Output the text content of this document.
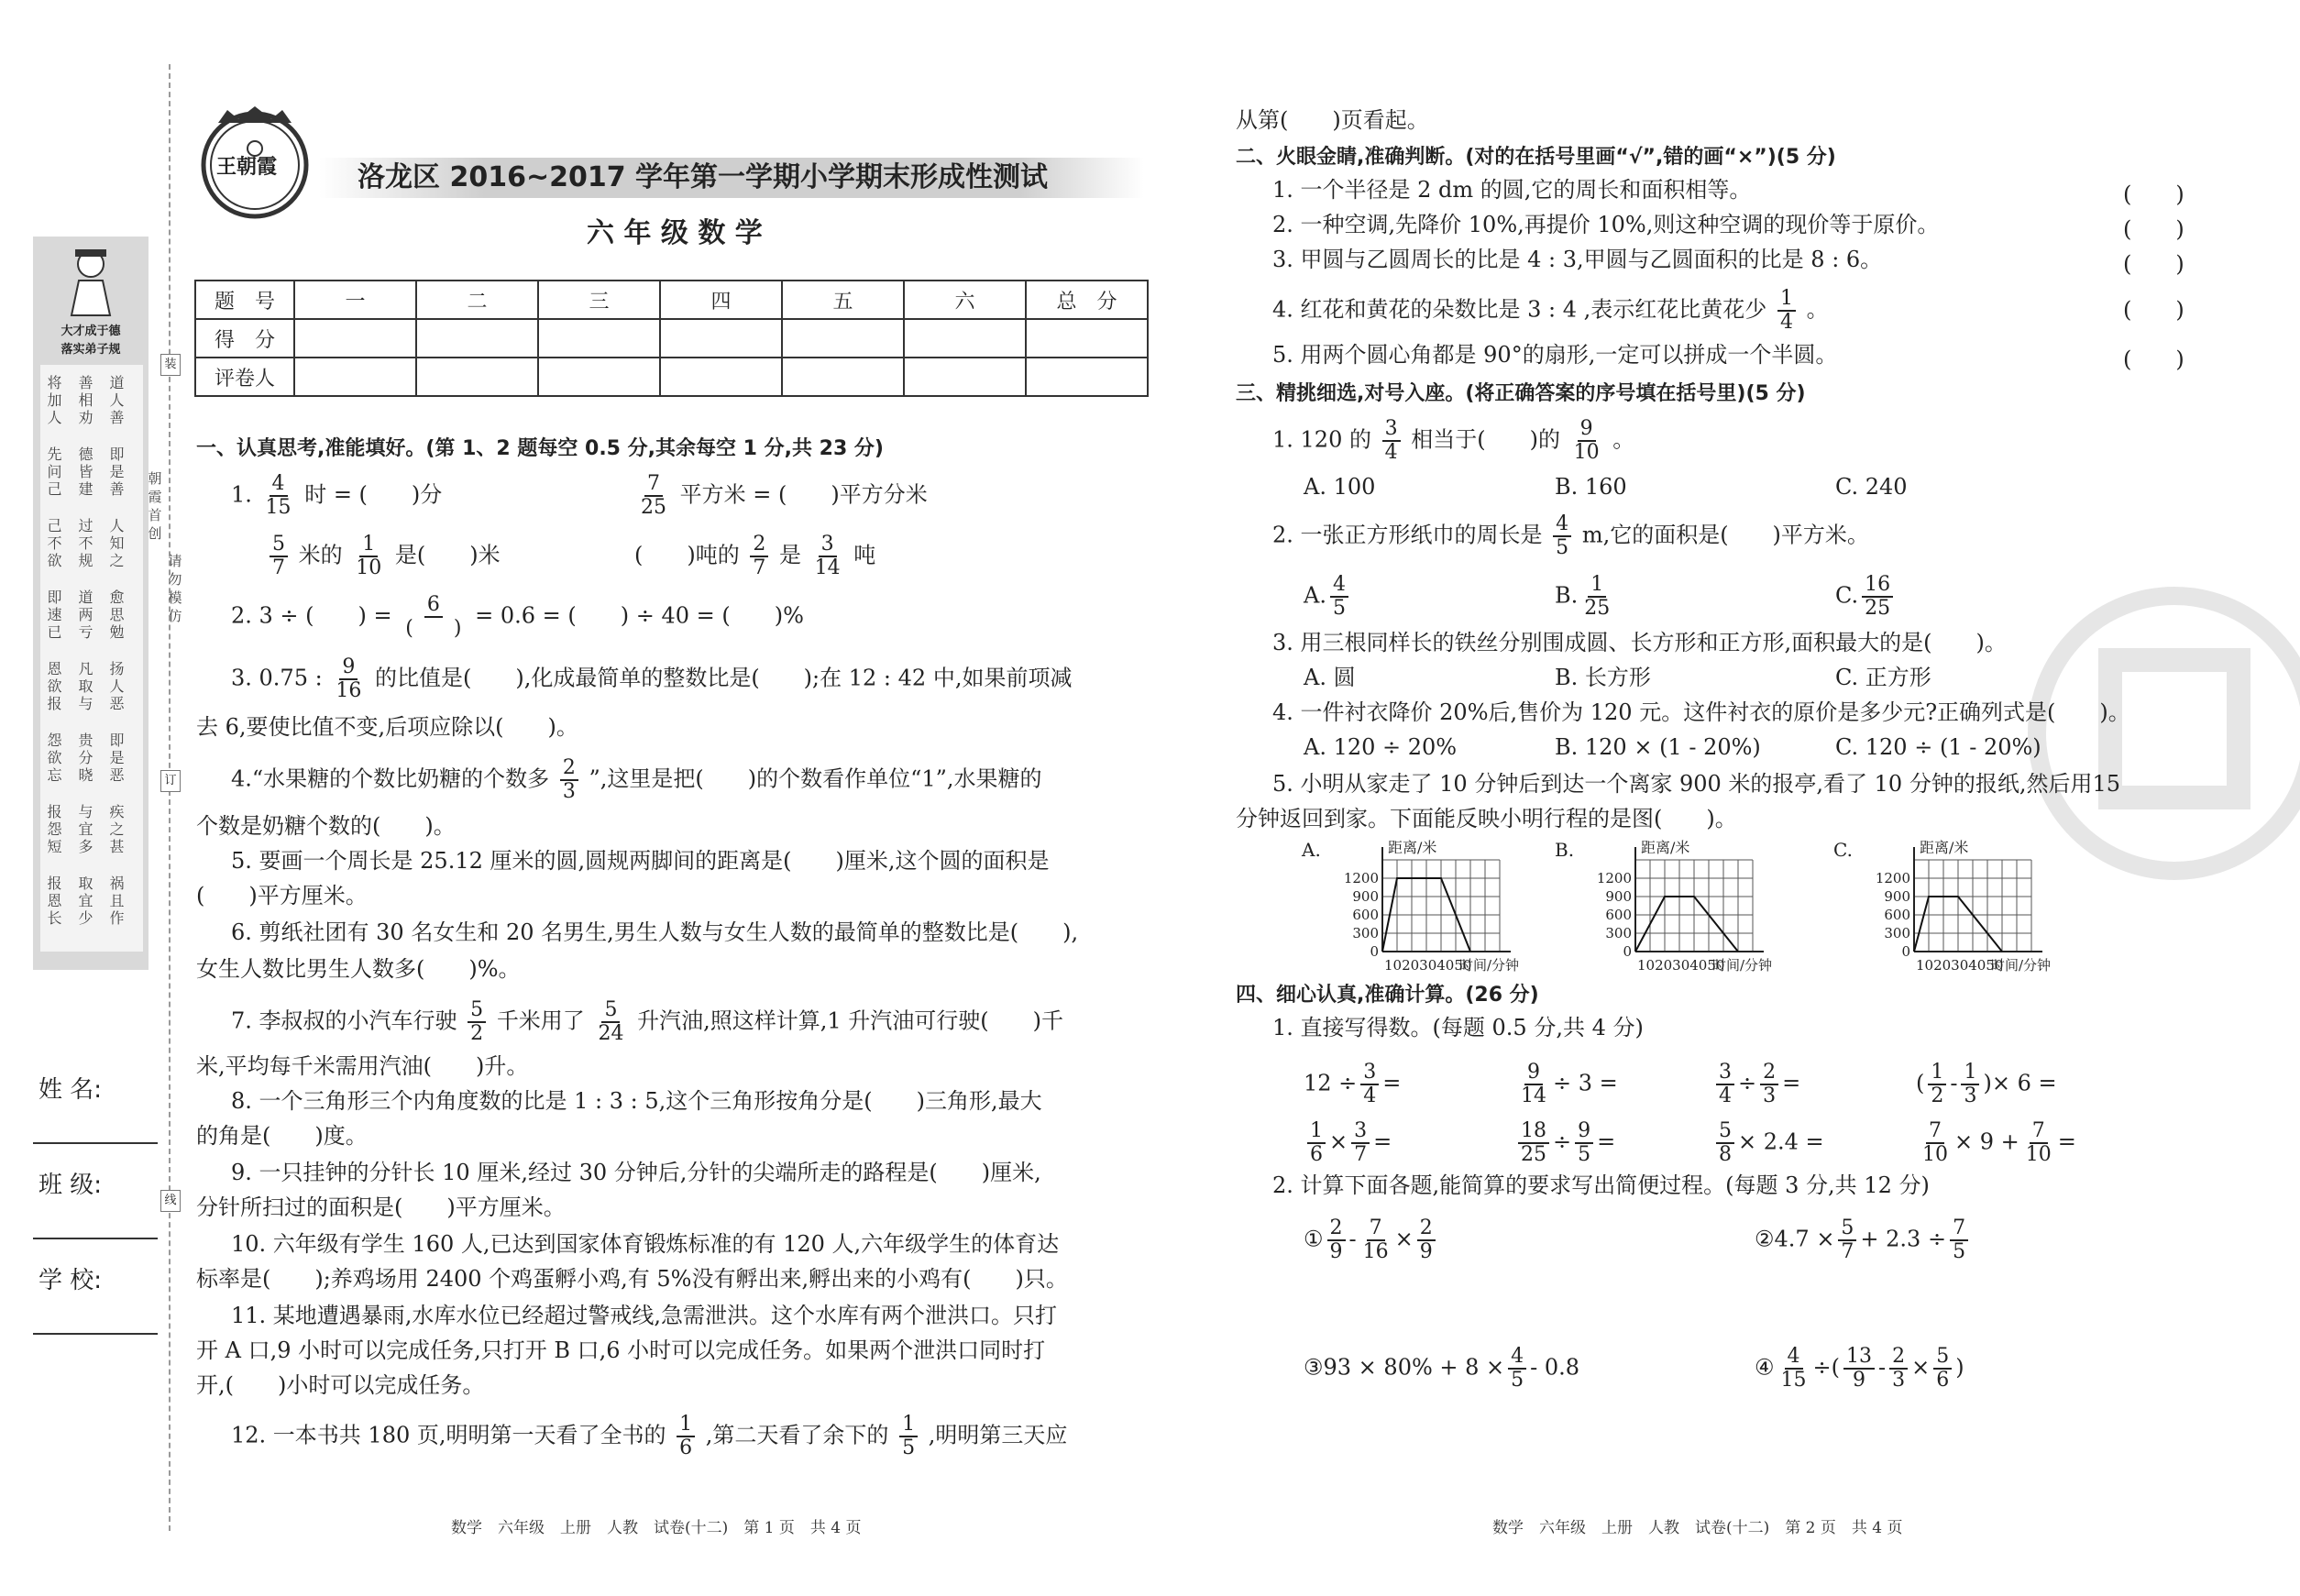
王朝霞	洛龙区 2016~2017 学年第一学期小学期末形成性测试
六 年 级 数 学
大才成于德
落实弟子规
将
加
人
善
相
劝
道
人
善
先
问
己
德
皆
建
即
是
善
己
不
欲
过
不
规
人
知
之
即
速
已
道
两
亏
愈
思
勉
恩
欲
报
凡
取
与
扬
人
恶
怨
欲
忘
贵
分
晓
即
是
恶
报
怨
短
与
宜
多
疾
之
甚
报
恩
长
取
宜
少
祸
且
作
装
订
线
朝
霞
首
创
请
勿
模
仿
姓 名:
班 级:
学 校:
题　号	一	二	三	四	五	六	总　分
得　分							
评卷人							
一、认真思考,准能填好。(第 1、2 题每空 0.5 分,其余每空 1 分,共 23 分)
1. $\frac{4}{15}$ 时 = (　　)分	$\frac{7}{25}$ 平方米 = (　　)平方分米
$\frac{5}{7}$ 米的 $\frac{1}{10}$ 是(　　)米	(　　)吨的 $\frac{2}{7}$ 是 $\frac{3}{14}$ 吨
2. 3 ÷ (　　) = $\frac{6}{( )} = 0.6$ = (　　) ÷ 40 = (　　)%
3. 0.75 : $\frac{9}{16}$ 的比值是(　　),化成最简单的整数比是(　　);在 12 : 42 中,如果前项减
去 6,要使比值不变,后项应除以(　　)。
4.“水果糖的个数比奶糖的个数多 $\frac{2}{3}$ ”,这里是把(　　)的个数看作单位“1”,水果糖的
个数是奶糖个数的(　　)。
5. 要画一个周长是 25.12 厘米的圆,圆规两脚间的距离是(　　)厘米,这个圆的面积是
(　　)平方厘米。
6. 剪纸社团有 30 名女生和 20 名男生,男生人数与女生人数的最简单的整数比是(　　),
女生人数比男生人数多(　　)%。
7. 李叔叔的小汽车行驶 $\frac{5}{2}$ 千米用了 $\frac{5}{24}$ 升汽油,照这样计算,1 升汽油可行驶(　　)千
米,平均每千米需用汽油(　　)升。
8. 一个三角形三个内角度数的比是 1 : 3 : 5,这个三角形按角分是(　　)三角形,最大
的角是(　　)度。
9. 一只挂钟的分针长 10 厘米,经过 30 分钟后,分针的尖端所走的路程是(　　)厘米,
分针所扫过的面积是(　　)平方厘米。
10. 六年级有学生 160 人,已达到国家体育锻炼标准的有 120 人,六年级学生的体育达
标率是(　　);养鸡场用 2400 个鸡蛋孵小鸡,有 5%没有孵出来,孵出来的小鸡有(　　)只。
11. 某地遭遇暴雨,水库水位已经超过警戒线,急需泄洪。这个水库有两个泄洪口。只打
开 A 口,9 小时可以完成任务,只打开 B 口,6 小时可以完成任务。如果两个泄洪口同时打
开,(　　)小时可以完成任务。
12. 一本书共 180 页,明明第一天看了全书的 $\frac{1}{6}$ ,第二天看了余下的 $\frac{1}{5}$ ,明明第三天应
数学　六年级　上册　人教　试卷(十二)　第 1 页　共 4 页
从第(　　)页看起。
二、火眼金睛,准确判断。(对的在括号里画“√”,错的画“×”)(5 分)
1. 一个半径是 2 dm 的圆,它的周长和面积相等。	(　　)
2. 一种空调,先降价 10%,再提价 10%,则这种空调的现价等于原价。	(　　)
3. 甲圆与乙圆周长的比是 4 : 3,甲圆与乙圆面积的比是 8 : 6。	(　　)
4. 红花和黄花的朵数比是 3 : 4 ,表示红花比黄花少 $\frac{1}{4}$ 。	(　　)
5. 用两个圆心角都是 90°的扇形,一定可以拼成一个半圆。	(　　)
三、精挑细选,对号入座。(将正确答案的序号填在括号里)(5 分)
1. 120 的 $\frac{3}{4}$ 相当于(　　)的 $\frac{9}{10}$ 。
A. 100	B. 160	C. 240
2. 一张正方形纸巾的周长是 $\frac{4}{5} m$,它的面积是(　　)平方米。
A. $\frac{4}{5}$	B. $\frac{1}{25}$	C. $\frac{16}{25}$
3. 用三根同样长的铁丝分别围成圆、长方形和正方形,面积最大的是(　　)。
A. 圆	B. 长方形	C. 正方形
4. 一件衬衣降价 20%后,售价为 120 元。这件衬衣的原价是多少元?正确列式是(　　)。
A. 120 ÷ 20%	B. 120 × (1 - 20%)	C. 120 ÷ (1 - 20%)
5. 小明从家走了 10 分钟后到达一个离家 900 米的报亭,看了 10 分钟的报纸,然后用15
分钟返回到家。下面能反映小明行程的是图(　　)。
A.	距离/米
0
300
600
900
1200
1020304050
时间/分钟
B.	距离/米
0
300
600
900
1200
1020304050
时间/分钟
C.	距离/米
0
300
600
900
1200
1020304050
时间/分钟
四、细心认真,准确计算。(26 分)
1. 直接写得数。(每题 0.5 分,共 4 分)
$12 \div \frac{3}{4}$ =	$\frac{9}{14} \div 3$ =	$\frac{3}{4} \div \frac{2}{3}$ =	( $\frac{1}{2} - \frac{1}{3}$ )× 6 =
$\frac{1}{6} \times \frac{3}{7}$ =	$\frac{18}{25} \div \frac{9}{5}$ =	$\frac{5}{8} \times 2.4$ =	$\frac{7}{10} \times 9 + \frac{7}{10}$ =
2. 计算下面各题,能简算的要求写出简便过程。(每题 3 分,共 12 分)
① $\frac{2}{9} - \frac{7}{16} \times \frac{2}{9}$	②4.7 × $\frac{5}{7} + 2.3 \div \frac{7}{5}$
③93 × $80\% + 8 \times \frac{4}{5} - 0.8$	④ $\frac{4}{15}$ ÷( $\frac{13}{9} - \frac{2}{3} \times \frac{5}{6}$ )
数学　六年级　上册　人教　试卷(十二)　第 2 页　共 4 页
